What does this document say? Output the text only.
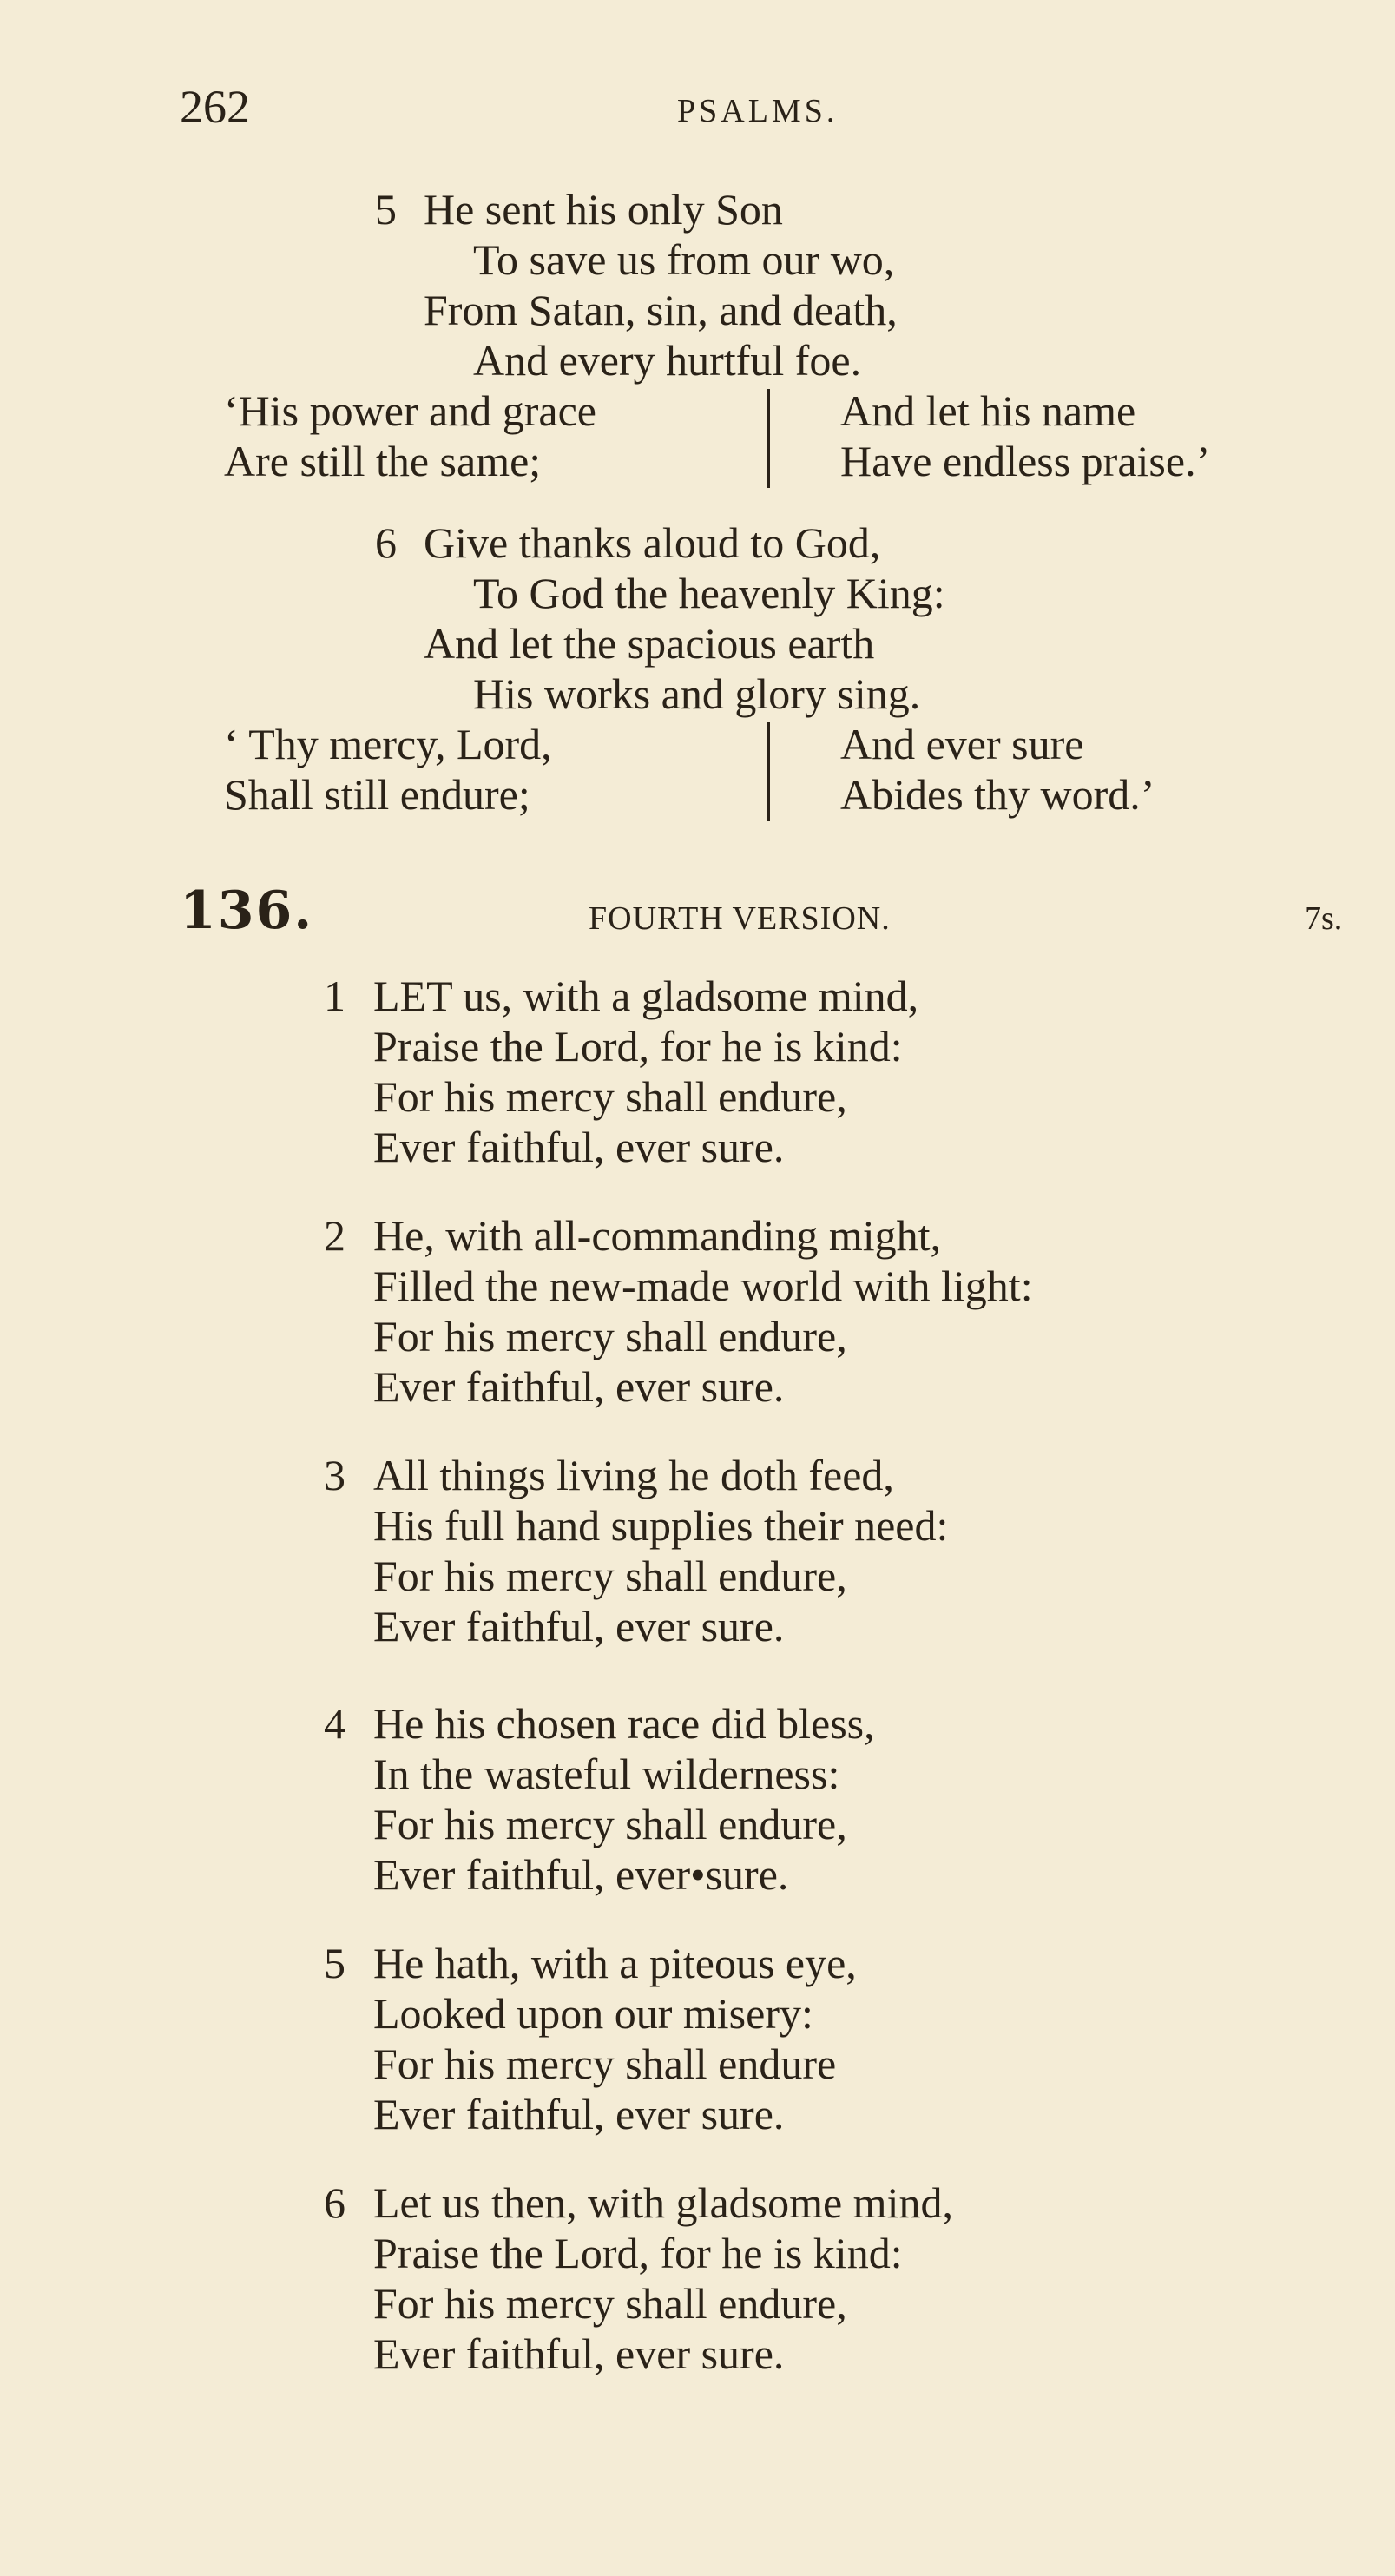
262	PSALMS.
5 He sent his only Son
To save us from our wo,
From Satan, sin, and death,
And every hurtful foe.
‘His power and grace
Are still the same;
And let his name
Have endless praise.’
6 Give thanks aloud to God,
To God the heavenly King:
And let the spacious earth
His works and glory sing.
‘ Thy mercy, Lord,
Shall still endure;
And ever sure
Abides thy word.’
136.	FOURTH VERSION.	7s.
1 LET us, with a gladsome mind,
Praise the Lord, for he is kind:
For his mercy shall endure,
Ever faithful, ever sure.
2 He, with all-commanding might,
Filled the new-made world with light:
For his mercy shall endure,
Ever faithful, ever sure.
3 All things living he doth feed,
His full hand supplies their need:
For his mercy shall endure,
Ever faithful, ever sure.
4 He his chosen race did bless,
In the wasteful wilderness:
For his mercy shall endure,
Ever faithful, ever•sure.
5 He hath, with a piteous eye,
Looked upon our misery:
For his mercy shall endure
Ever faithful, ever sure.
6 Let us then, with gladsome mind,
Praise the Lord, for he is kind:
For his mercy shall endure,
Ever faithful, ever sure.
